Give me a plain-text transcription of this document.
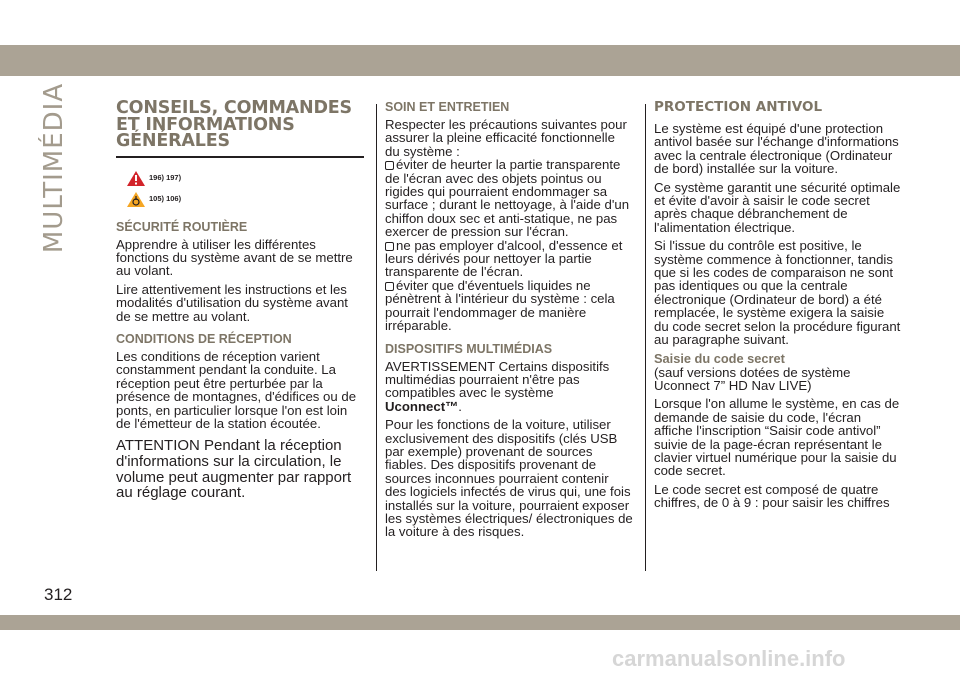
MULTIMÉDIA
312
CONSEILS, COMMANDES
ET INFORMATIONS
GÉNÉRALES
196) 197)
105) 106)
SÉCURITÉ ROUTIÈRE

Apprendre à utiliser les différentes fonctions du système avant de se mettre au volant.

Lire attentivement les instructions et les modalités d'utilisation du système avant de se mettre au volant.

CONDITIONS DE RÉCEPTION

Les conditions de réception varient constamment pendant la conduite. La réception peut être perturbée par la présence de montagnes, d'édifices ou de ponts, en particulier lorsque l'on est loin de l'émetteur de la station écoutée.

ATTENTION Pendant la réception d'informations sur la circulation, le volume peut augmenter par rapport au réglage courant.

SOIN ET ENTRETIEN

Respecter les précautions suivantes pour assurer la pleine efficacité fonctionnelle du système :

éviter de heurter la partie transparente de l'écran avec des objets pointus ou rigides qui pourraient endommager sa surface ; durant le nettoyage, à l'aide d'un chiffon doux sec et anti-statique, ne pas exercer de pression sur l'écran.
ne pas employer d'alcool, d'essence et leurs dérivés pour nettoyer la partie transparente de l'écran.
éviter que d'éventuels liquides ne pénètrent à l'intérieur du système : cela pourrait l'endommager de manière irréparable.
DISPOSITIFS MULTIMÉDIAS

AVERTISSEMENT Certains dispositifs multimédias pourraient n'être pas compatibles avec le système Uconnect™.

Pour les fonctions de la voiture, utiliser exclusivement des dispositifs (clés USB par exemple) provenant de sources fiables. Des dispositifs provenant de sources inconnues pourraient contenir des logiciels infectés de virus qui, une fois installés sur la voiture, pourraient exposer les systèmes électriques/ électroniques de la voiture à des risques.

PROTECTION ANTIVOL

Le système est équipé d'une protection antivol basée sur l'échange d'informations avec la centrale électronique (Ordinateur de bord) installée sur la voiture.

Ce système garantit une sécurité optimale et évite d'avoir à saisir le code secret après chaque débranchement de l'alimentation électrique.

Si l'issue du contrôle est positive, le système commence à fonctionner, tandis que si les codes de comparaison ne sont pas identiques ou que la centrale électronique (Ordinateur de bord) a été remplacée, le système exigera la saisie du code secret selon la procédure figurant au paragraphe suivant.

Saisie du code secret

(sauf versions dotées de système Uconnect 7” HD Nav LIVE)

Lorsque l'on allume le système, en cas de demande de saisie du code, l'écran affiche l'inscription “Saisir code antivol” suivie de la page-écran représentant le clavier virtuel numérique pour la saisie du code secret.

Le code secret est composé de quatre chiffres, de 0 à 9 : pour saisir les chiffres

carmanualsonline.info
